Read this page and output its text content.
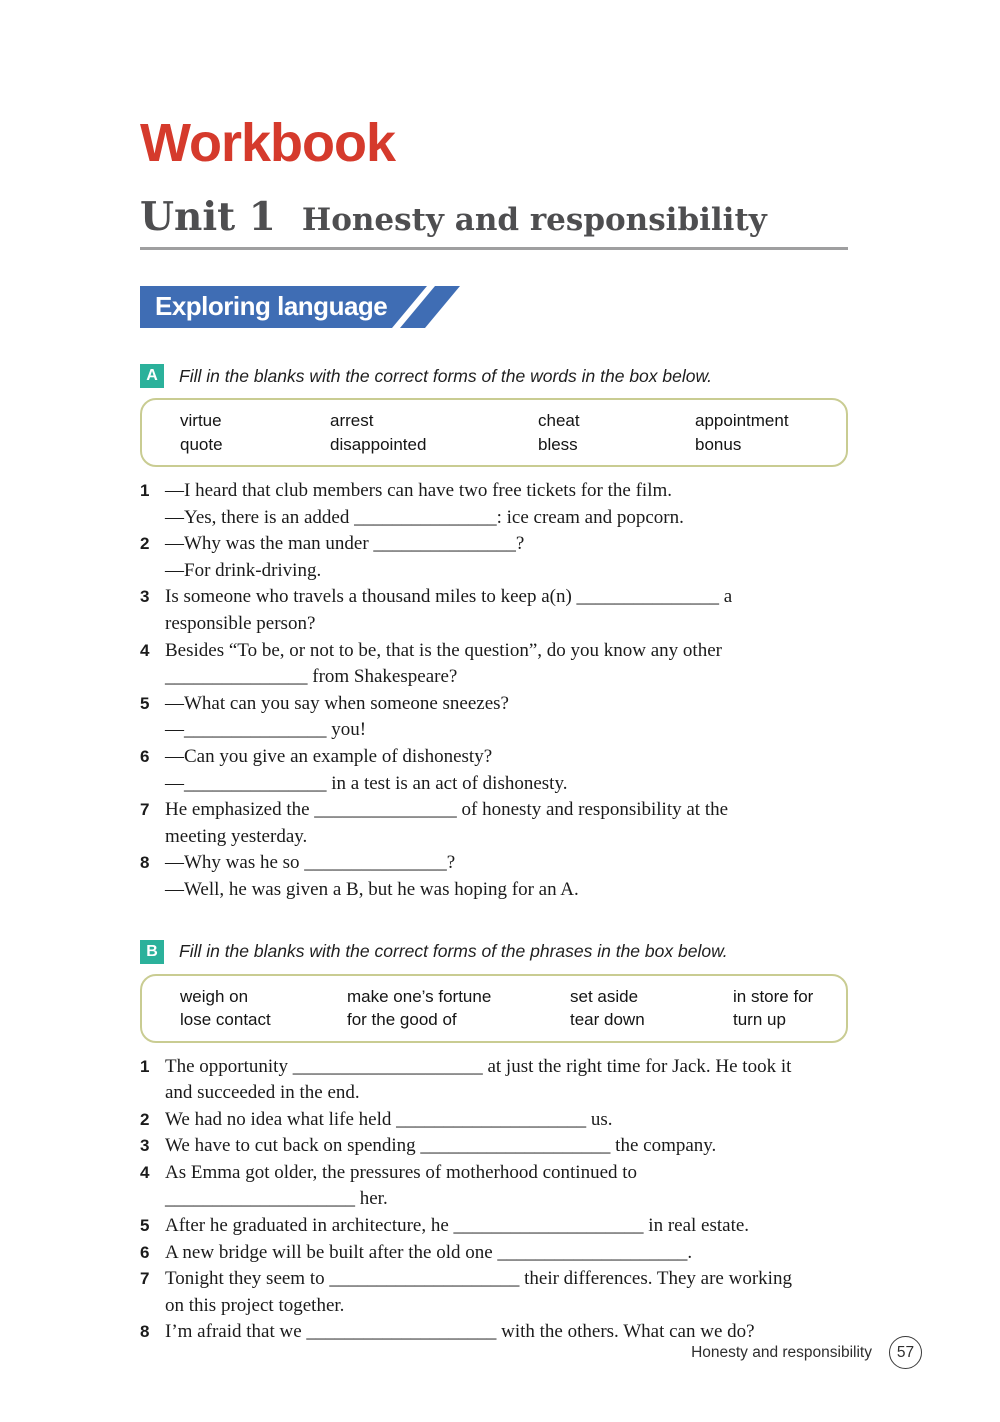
Workbook
Unit 1 Honesty and responsibility
Exploring language
A	Fill in the blanks with the correct forms of the words in the box below.
virtue	arrest	cheat	appointment
quote	disappointed	bless	bonus
1 —I heard that club members can have two free tickets for the film.
—Yes, there is an added _______________: ice cream and popcorn.
2 —Why was the man under _______________?
—For drink-driving.
3 Is someone who travels a thousand miles to keep a(n) _______________ a
responsible person?
4 Besides “To be, or not to be, that is the question”, do you know any other
_______________ from Shakespeare?
5 —What can you say when someone sneezes?
—_______________ you!
6 —Can you give an example of dishonesty?
—_______________ in a test is an act of dishonesty.
7 He emphasized the _______________ of honesty and responsibility at the
meeting yesterday.
8 —Why was he so _______________?
—Well, he was given a B, but he was hoping for an A.
B	Fill in the blanks with the correct forms of the phrases in the box below.
weigh on	make one’s fortune	set aside	in store for
lose contact	for the good of	tear down	turn up
1 The opportunity ____________________ at just the right time for Jack. He took it
and succeeded in the end.
2 We had no idea what life held ____________________ us.
3 We have to cut back on spending ____________________ the company.
4 As Emma got older, the pressures of motherhood continued to
____________________ her.
5 After he graduated in architecture, he ____________________ in real estate.
6 A new bridge will be built after the old one ____________________.
7 Tonight they seem to ____________________ their differences. They are working
on this project together.
8 I’m afraid that we ____________________ with the others. What can we do?
Honesty and responsibility	57
